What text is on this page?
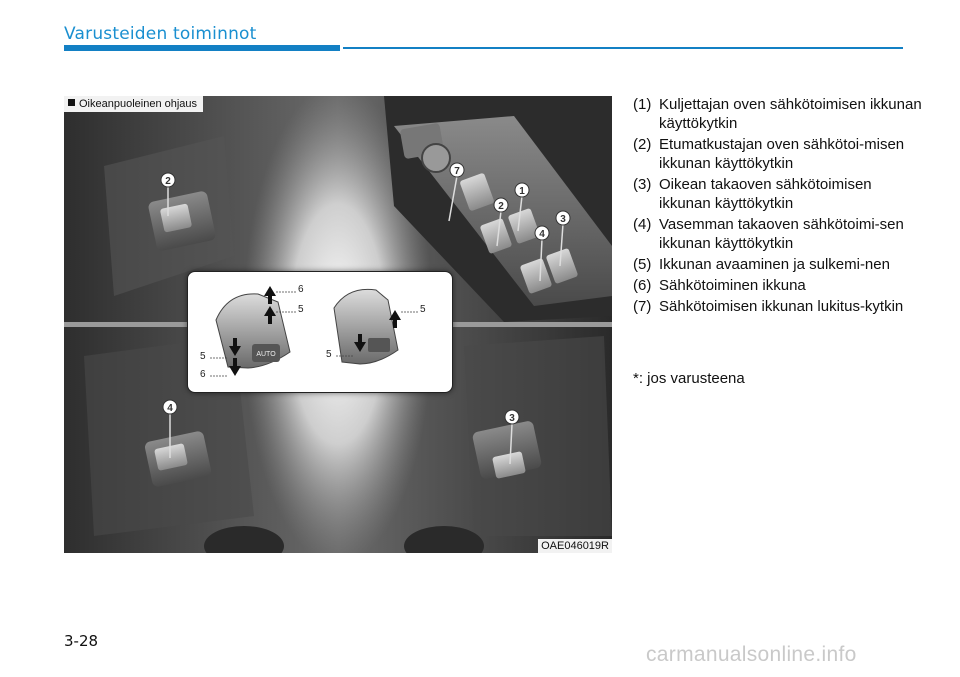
Varusteiden toiminnot
2
7
1
2
3
4
4
3
Oikeanpuoleinen ohjaus
OAE046019R
AUTO
6
5	5
6
5	5
(1) Kuljettajan oven sähkötoimisen ikkunan käyttökytkin
(2) Etumatkustajan oven sähkötoi-misen ikkunan käyttökytkin
(3) Oikean takaoven sähkötoimisen ikkunan käyttökytkin
(4) Vasemman takaoven sähkötoimi-sen ikkunan käyttökytkin
(5) Ikkunan avaaminen ja sulkemi-nen
(6) Sähkötoiminen ikkuna
(7) Sähkötoimisen ikkunan lukitus-kytkin
*: jos varusteena
3-28
carmanualsonline.info
